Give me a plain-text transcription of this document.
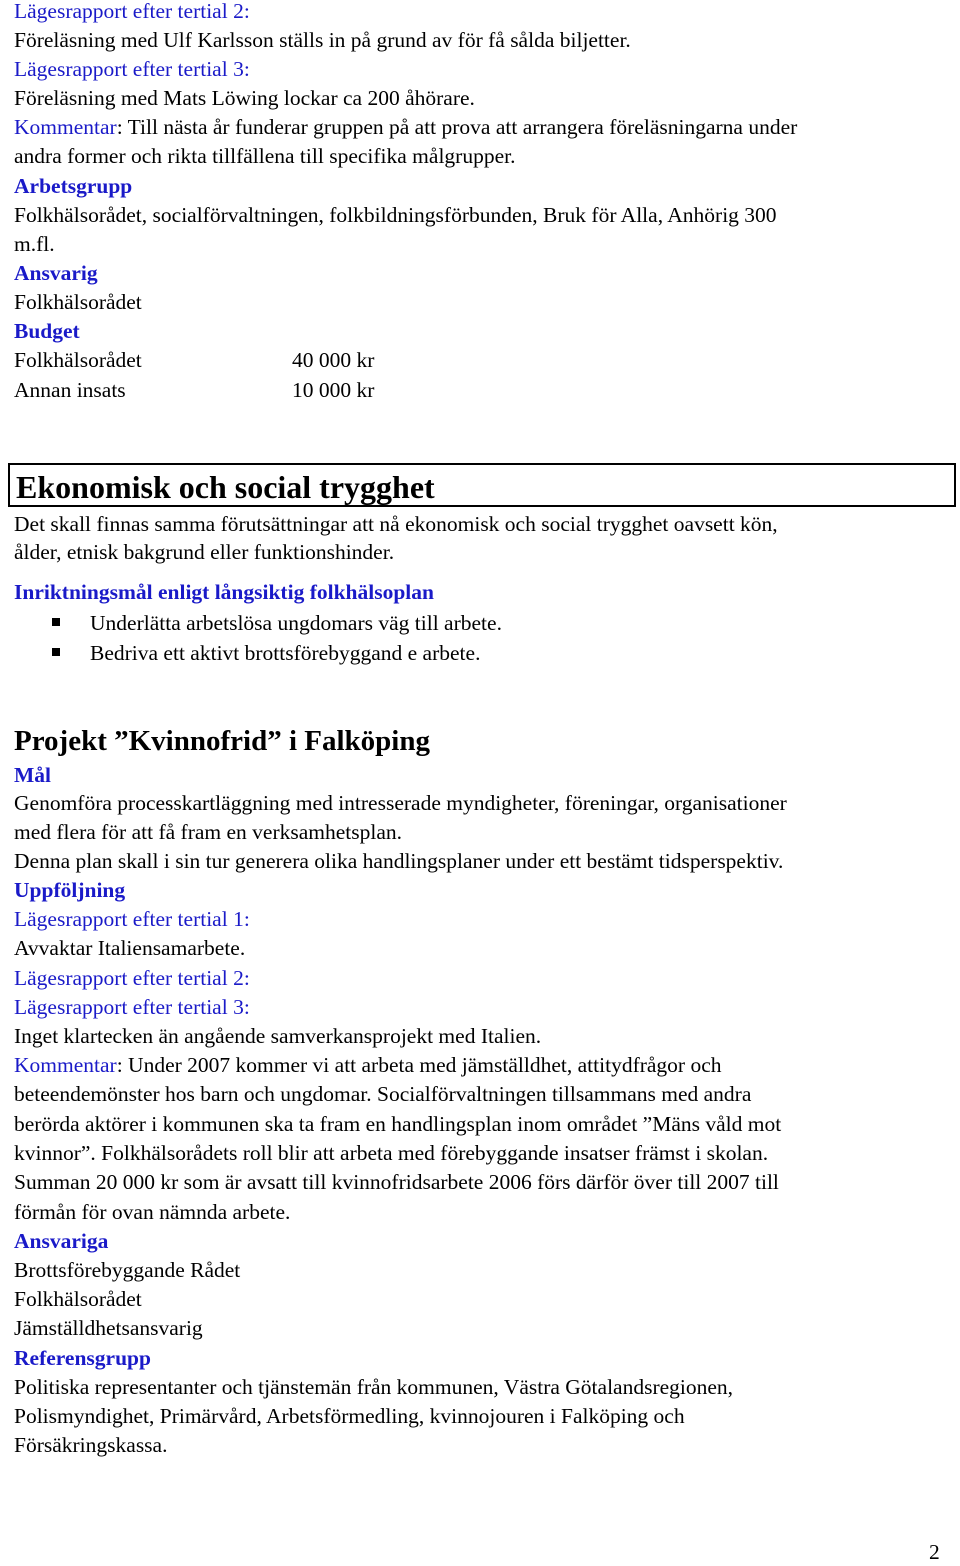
Lägesrapport efter tertial 2:
Föreläsning med Ulf Karlsson ställs in på grund av för få sålda biljetter.
Lägesrapport efter tertial 3:
Föreläsning med Mats Löwing lockar ca 200 åhörare.
Kommentar: Till nästa år funderar gruppen på att prova att arrangera föreläsningarna under
andra former och rikta tillfällena till specifika målgrupper.
Arbetsgrupp
Folkhälsorådet, socialförvaltningen, folkbildningsförbunden, Bruk för Alla, Anhörig 300
m.fl.
Ansvarig
Folkhälsorådet
Budget
Folkhälsorådet	40 000 kr
Annan insats	10 000 kr
Ekonomisk och social trygghet
Det skall finnas samma förutsättningar att nå ekonomisk och social trygghet oavsett kön,
ålder, etnisk bakgrund eller funktionshinder.
Inriktningsmål enligt långsiktig folkhälsoplan
Underlätta arbetslösa ungdomars väg till arbete.
Bedriva ett aktivt brottsförebyggand e arbete.
Projekt ”Kvinnofrid” i Falköping
Mål
Genomföra processkartläggning med intresserade myndigheter, föreningar, organisationer
med flera för att få fram en verksamhetsplan.
Denna plan skall i sin tur generera olika handlingsplaner under ett bestämt tidsperspektiv.
Uppföljning
Lägesrapport efter tertial 1:
Avvaktar Italiensamarbete.
Lägesrapport efter tertial 2:
Lägesrapport efter tertial 3:
Inget klartecken än angående samverkansprojekt med Italien.
Kommentar: Under 2007 kommer vi att arbeta med jämställdhet, attitydfrågor och
beteendemönster hos barn och ungdomar. Socialförvaltningen tillsammans med andra
berörda aktörer i kommunen ska ta fram en handlingsplan inom området ”Mäns våld mot
kvinnor”. Folkhälsorådets roll blir att arbeta med förebyggande insatser främst i skolan.
Summan 20 000 kr som är avsatt till kvinnofridsarbete 2006 förs därför över till 2007 till
förmån för ovan nämnda arbete.
Ansvariga
Brottsförebyggande Rådet
Folkhälsorådet
Jämställdhetsansvarig
Referensgrupp
Politiska representanter och tjänstemän från kommunen, Västra Götalandsregionen,
Polismyndighet, Primärvård, Arbetsförmedling, kvinnojouren i Falköping och
Försäkringskassa.
2
